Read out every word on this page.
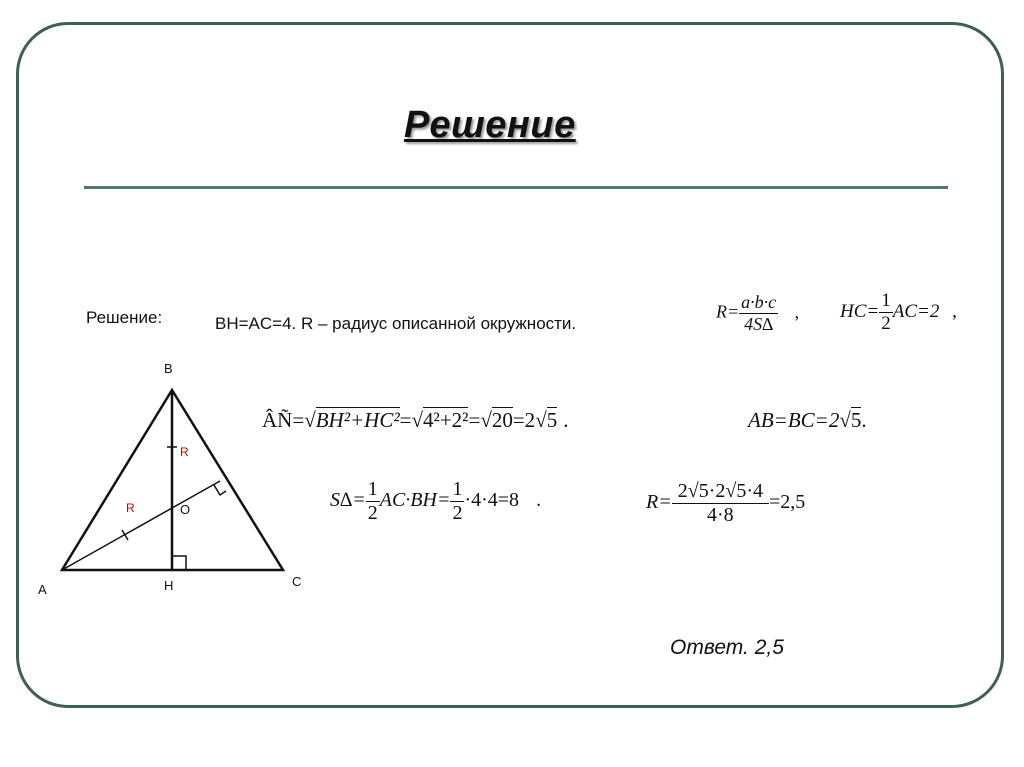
Решение
Решение:	BH=AC=4. R – радиус описанной окружности.
$R= \frac{a\cdot b\cdot c}{4S\Delta}$ , $HC= \frac{1}{2} AC=2$ ,
ÂÑ=√BH²+HC²=√4²+2²=√20=2√5 .	AB=BC=2√5.
$S\Delta= \frac{1}{2} AC\cdot BH= \frac{1}{2} \cdot 4\cdot 4=8$ .	$R= \frac{2√5\cdot 2√5\cdot 4}{4\cdot 8} =2,5$
B
A
C
H
O
R
R
Ответ. 2,5
